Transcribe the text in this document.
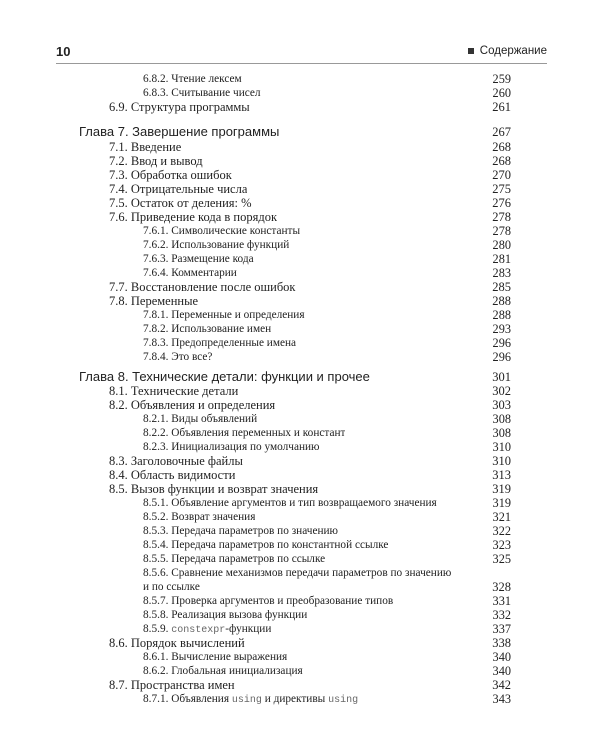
10	Содержание
6.8.2. Чтение лексем	259
6.8.3. Считывание чисел	260
6.9. Структура программы	261
Глава 7. Завершение программы	267
7.1. Введение	268
7.2. Ввод и вывод	268
7.3. Обработка ошибок	270
7.4. Отрицательные числа	275
7.5. Остаток от деления: %	276
7.6. Приведение кода в порядок	278
7.6.1. Символические константы	278
7.6.2. Использование функций	280
7.6.3. Размещение кода	281
7.6.4. Комментарии	283
7.7. Восстановление после ошибок	285
7.8. Переменные	288
7.8.1. Переменные и определения	288
7.8.2. Использование имен	293
7.8.3. Предопределенные имена	296
7.8.4. Это все?	296
Глава 8. Технические детали: функции и прочее	301
8.1. Технические детали	302
8.2. Объявления и определения	303
8.2.1. Виды объявлений	308
8.2.2. Объявления переменных и констант	308
8.2.3. Инициализация по умолчанию	310
8.3. Заголовочные файлы	310
8.4. Область видимости	313
8.5. Вызов функции и возврат значения	319
8.5.1. Объявление аргументов и тип возвращаемого значения	319
8.5.2. Возврат значения	321
8.5.3. Передача параметров по значению	322
8.5.4. Передача параметров по константной ссылке	323
8.5.5. Передача параметров по ссылке	325
8.5.6. Сравнение механизмов передачи параметров по значению
и по ссылке	328
8.5.7. Проверка аргументов и преобразование типов	331
8.5.8. Реализация вызова функции	332
8.5.9. constexpr-функции	337
8.6. Порядок вычислений	338
8.6.1. Вычисление выражения	340
8.6.2. Глобальная инициализация	340
8.7. Пространства имен	342
8.7.1. Объявления using и директивы using	343
